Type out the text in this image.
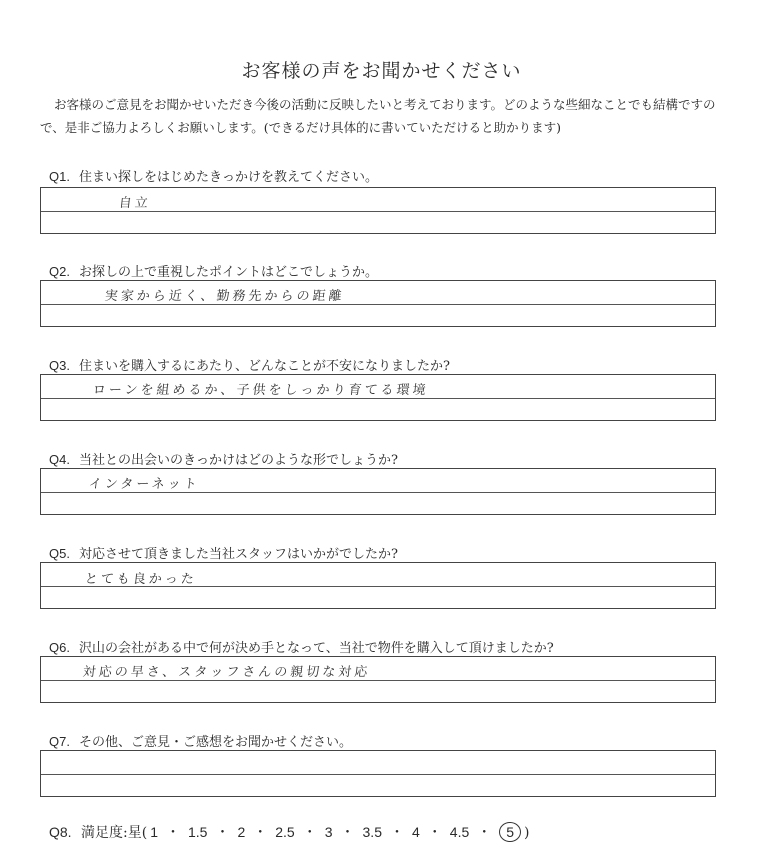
お客様の声をお聞かせください
お客様のご意見をお聞かせいただき今後の活動に反映したいと考えております。どのような些細なことでも結構ですので、是非ご協力よろしくお願いします。(できるだけ具体的に書いていただけると助かります)
Q1. 住まい探しをはじめたきっかけを教えてください。
自立
Q2. お探しの上で重視したポイントはどこでしょうか。
実家から近く、勤務先からの距離
Q3. 住まいを購入するにあたり、どんなことが不安になりましたか?
ローンを組めるか、子供をしっかり育てる環境
Q4. 当社との出会いのきっかけはどのような形でしょうか?
インターネット
Q5. 対応させて頂きました当社スタッフはいかがでしたか?
とても良かった
Q6. 沢山の会社がある中で何が決め手となって、当社で物件を購入して頂けましたか?
対応の早さ、スタッフさんの親切な対応
Q7. その他、ご意見・ご感想をお聞かせください。
Q8. 満足度:星( 1 ・ 1.5 ・ 2 ・ 2.5 ・ 3 ・ 3.5 ・ 4 ・ 4.5 ・ 5 )
